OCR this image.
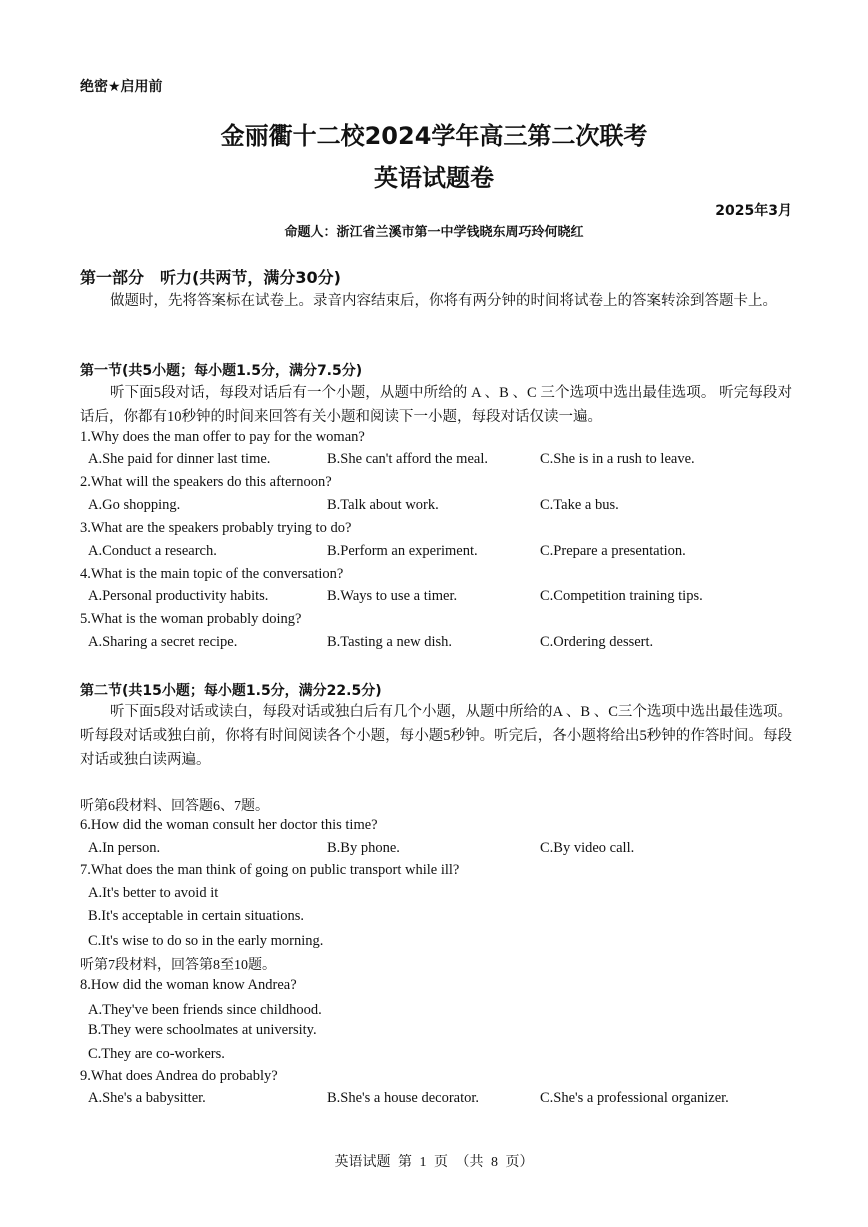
绝密★启用前
金丽衢十二校2024学年高三第二次联考
英语试题卷
2025年3月
命题人：浙江省兰溪市第一中学钱晓东周巧玲何晓红
第一部分　听力(共两节，满分30分)
做题时，先将答案标在试卷上。录音内容结束后，你将有两分钟的时间将试卷上的答案转涂到答题卡上。
第一节(共5小题；每小题1.5分，满分7.5分)
听下面5段对话，每段对话后有一个小题，从题中所给的 A 、B 、C 三个选项中选出最佳选项。 听完每段对话后，你都有10秒钟的时间来回答有关小题和阅读下一小题，每段对话仅读一遍。
1.Why does the man offer to pay for the woman?
A.She paid for dinner last time.	B.She can't afford the meal.	C.She is in a rush to leave.
2.What will the speakers do this afternoon?
A.Go shopping.	B.Talk about work.	C.Take a bus.
3.What are the speakers probably trying to do?
A.Conduct a research.	B.Perform an experiment.	C.Prepare a presentation.
4.What is the main topic of the conversation?
A.Personal productivity habits.	B.Ways to use a timer.	C.Competition training tips.
5.What is the woman probably doing?
A.Sharing a secret recipe.	B.Tasting a new dish.	C.Ordering dessert.
第二节(共15小题；每小题1.5分，满分22.5分)
听下面5段对话或读白，每段对话或独白后有几个小题，从题中所给的A 、B 、C三个选项中选出最佳选项。听每段对话或独白前，你将有时间阅读各个小题，每小题5秒钟。听完后，各小题将给出5秒钟的作答时间。每段对话或独白读两遍。
听第6段材料、回答题6、7题。
6.How did the woman consult her doctor this time?
A.In person.	B.By phone.	C.By video call.
7.What does the man think of going on public transport while ill?
A.It's better to avoid it
B.It's acceptable in certain situations.
C.It's wise to do so in the early morning.
听第7段材料，回答第8至10题。
8.How did the woman know Andrea?
A.They've been friends since childhood.
B.They were schoolmates at university.
C.They are co-workers.
9.What does Andrea do probably?
A.She's a babysitter.	B.She's a house decorator.	C.She's a professional organizer.
英语试题 第 1 页 （共 8 页）
